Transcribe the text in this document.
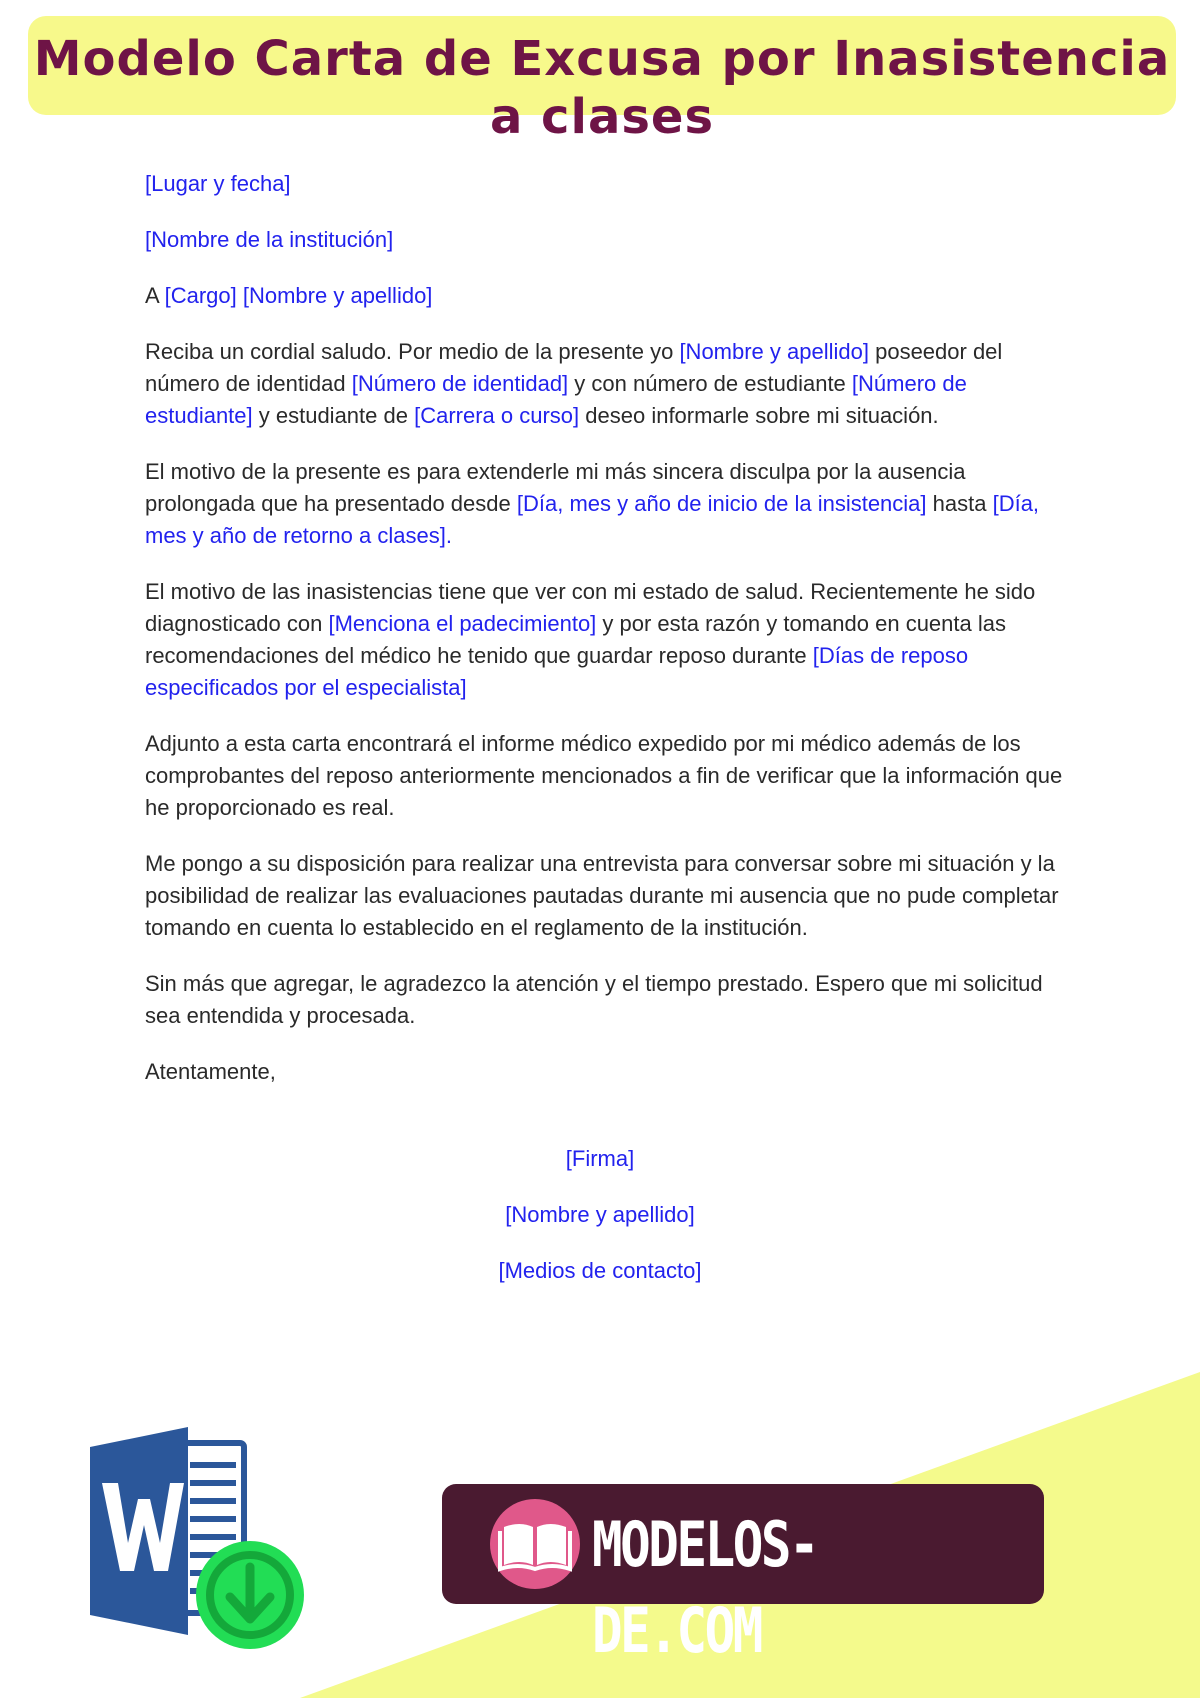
Modelo Carta de Excusa por Inasistencia a clases

[Lugar y fecha]

[Nombre de la institución]

A [Cargo] [Nombre y apellido]

Reciba un cordial saludo. Por medio de la presente yo [Nombre y apellido] poseedor del número de identidad [Número de identidad] y con número de estudiante [Número de estudiante] y estudiante de [Carrera o curso] deseo informarle sobre mi situación.

El motivo de la presente es para extenderle mi más sincera disculpa por la ausencia prolongada que ha presentado desde [Día, mes y año de inicio de la insistencia] hasta [Día, mes y año de retorno a clases].

El motivo de las inasistencias tiene que ver con mi estado de salud. Recientemente he sido diagnosticado con [Menciona el padecimiento] y por esta razón y tomando en cuenta las recomendaciones del médico he tenido que guardar reposo durante [Días de reposo especificados por el especialista]

Adjunto a esta carta encontrará el informe médico expedido por mi médico además de los comprobantes del reposo anteriormente mencionados a fin de verificar que la información que he proporcionado es real.

Me pongo a su disposición para realizar una entrevista para conversar sobre mi situación y la posibilidad de realizar las evaluaciones pautadas durante mi ausencia que no pude completar tomando en cuenta lo establecido en el reglamento de la institución.

Sin más que agregar, le agradezco la atención y el tiempo prestado. Espero que mi solicitud sea entendida y procesada.

Atentamente,

[Firma]
[Nombre y apellido]
[Medios de contacto]
MODELOS-DE.COM
